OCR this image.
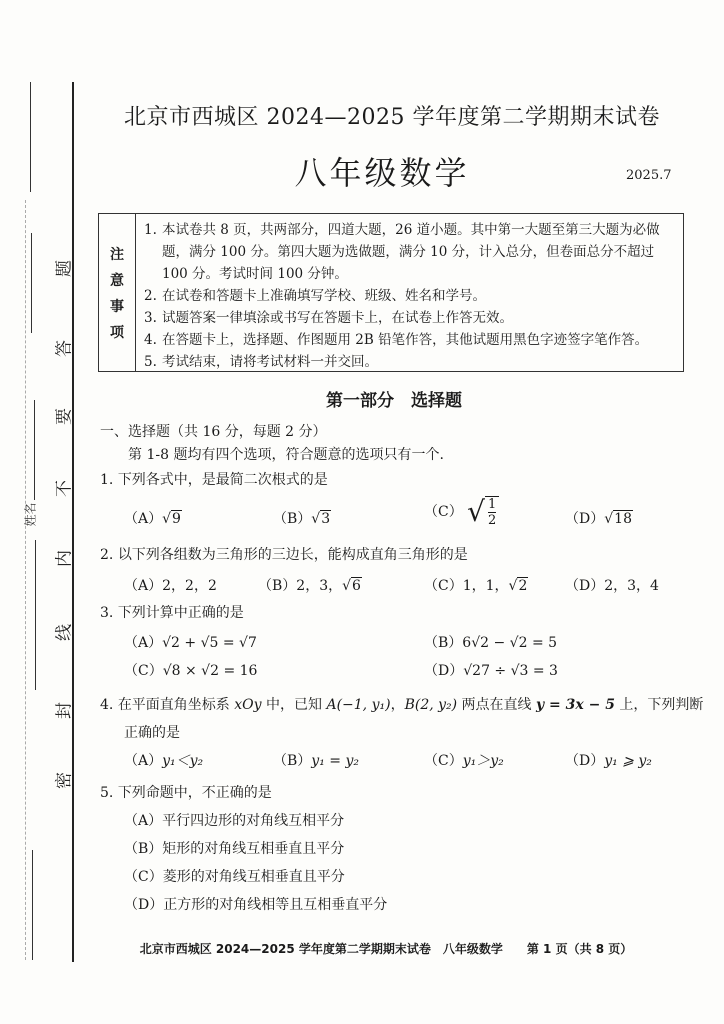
题
答
要
不
内
线
封
密
姓名
北京市西城区 2024—2025 学年度第二学期期末试卷
八年级数学	2025.7
注
意
事
项
1. 本试卷共 8 页，共两部分，四道大题，26 道小题。其中第一大题至第三大题为必做题，满分 100 分。第四大题为选做题，满分 10 分，计入总分，但卷面总分不超过 100 分。考试时间 100 分钟。
2. 在试卷和答题卡上准确填写学校、班级、姓名和学号。
3. 试题答案一律填涂或书写在答题卡上，在试卷上作答无效。
4. 在答题卡上，选择题、作图题用 2B 铅笔作答，其他试题用黑色字迹签字笔作答。
5. 考试结束，请将考试材料一并交回。
第一部分　选择题
一、选择题（共 16 分，每题 2 分）
第 1-8 题均有四个选项，符合题意的选项只有一个.
1. 下列各式中，是最简二次根式的是
（A）√9	（B）√3	（C） √ $\frac{1}{2}$	（D）√18
2. 以下列各组数为三角形的三边长，能构成直角三角形的是
（A）2，2，2	（B）2，3，√6	（C）1，1，√2	（D）2，3，4
3. 下列计算中正确的是
（A）√2 + √5 = √7	（B）6√2 − √2 = 5
（C）√8 × √2 = 16	（D）√27 ÷ √3 = 3
4. 在平面直角坐标系 xOy 中，已知 A(−1, y₁)，B(2, y₂) 两点在直线 y = 3x − 5 上，下列判断
正确的是
（A）y₁＜y₂	（B）y₁ = y₂	（C）y₁＞y₂	（D）y₁ ⩾ y₂
5. 下列命题中，不正确的是
（A）平行四边形的对角线互相平分
（B）矩形的对角线互相垂直且平分
（C）菱形的对角线互相垂直且平分
（D）正方形的对角线相等且互相垂直平分
北京市西城区 2024—2025 学年度第二学期期末试卷　八年级数学　　第 1 页（共 8 页）
